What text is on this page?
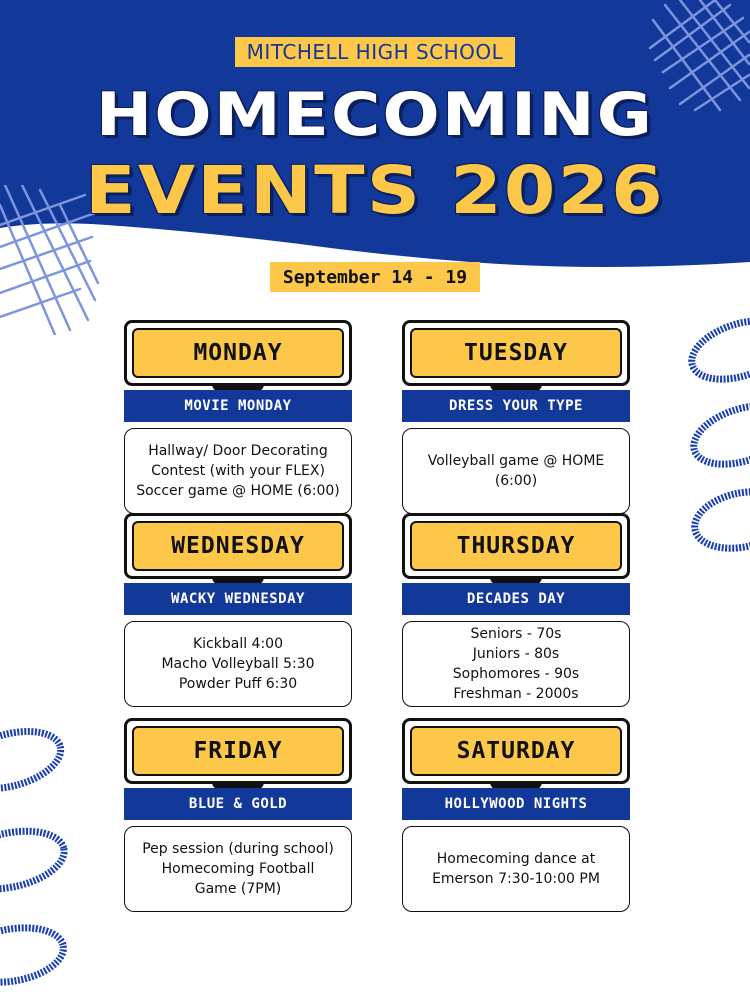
MITCHELL HIGH SCHOOL
HOMECOMING
EVENTS 2026
September 14 - 19
MONDAY
MOVIE MONDAY
Hallway/ Door Decorating
Contest (with your FLEX)
Soccer game @ HOME (6:00)
TUESDAY
DRESS YOUR TYPE
Volleyball game @ HOME
(6:00)
WEDNESDAY
WACKY WEDNESDAY
Kickball 4:00
Macho Volleyball 5:30
Powder Puff 6:30
THURSDAY
DECADES DAY
Seniors - 70s
Juniors - 80s
Sophomores - 90s
Freshman - 2000s
FRIDAY
BLUE & GOLD
Pep session (during school)
Homecoming Football
Game (7PM)
SATURDAY
HOLLYWOOD NIGHTS
Homecoming dance at
Emerson 7:30-10:00 PM
